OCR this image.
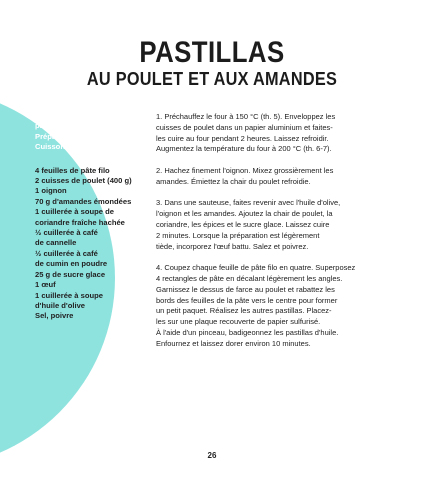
PASTILLAS
AU POULET ET AUX AMANDES
Pour 4 petites
pastillas
Préparation : 30 min
Cuisson : 2 h 10
4 feuilles de pâte filo
2 cuisses de poulet (400 g)
1 oignon
70 g d'amandes émondées
1 cuillerée à soupe de
coriandre fraîche hachée
½ cuillerée à café
de cannelle
½ cuillerée à café
de cumin en poudre
25 g de sucre glace
1 œuf
1 cuillerée à soupe
d'huile d'olive
Sel, poivre
1. Préchauffez le four à 150 °C (th. 5). Enveloppez les
cuisses de poulet dans un papier aluminium et faites-
les cuire au four pendant 2 heures. Laissez refroidir.
Augmentez la température du four à 200 °C (th. 6-7).
2. Hachez finement l'oignon. Mixez grossièrement les
amandes. Émiettez la chair du poulet refroidie.
3. Dans une sauteuse, faites revenir avec l'huile d'olive,
l'oignon et les amandes. Ajoutez la chair de poulet, la
coriandre, les épices et le sucre glace. Laissez cuire
2 minutes. Lorsque la préparation est légèrement
tiède, incorporez l'œuf battu. Salez et poivrez.
4. Coupez chaque feuille de pâte filo en quatre. Superposez
4 rectangles de pâte en décalant légèrement les angles.
Garnissez le dessus de farce au poulet et rabattez les
bords des feuilles de la pâte vers le centre pour former
un petit paquet. Réalisez les autres pastillas. Placez-
les sur une plaque recouverte de papier sulfurisé.
À l'aide d'un pinceau, badigeonnez les pastillas d'huile.
Enfournez et laissez dorer environ 10 minutes.
26
